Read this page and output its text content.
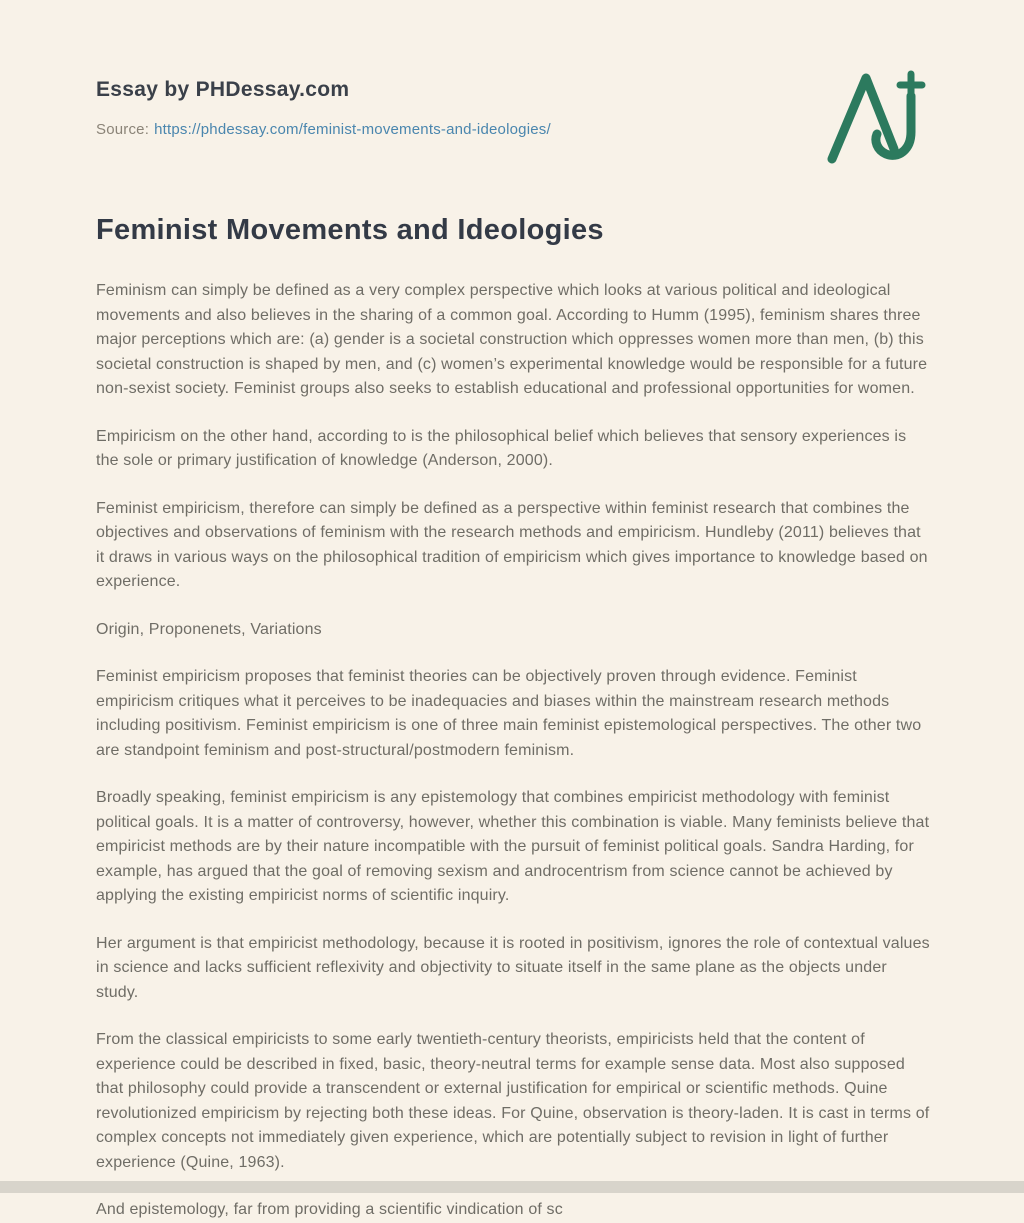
Essay by PHDessay.com
Source: https://phdessay.com/feminist-movements-and-ideologies/
Feminist Movements and Ideologies

Feminism can simply be defined as a very complex perspective which looks at various political and ideological movements and also believes in the sharing of a common goal. According to Humm (1995), feminism shares three major perceptions which are: (a) gender is a societal construction which oppresses women more than men, (b) this societal construction is shaped by men, and (c) women’s experimental knowledge would be responsible for a future non-sexist society. Feminist groups also seeks to establish educational and professional opportunities for women.

Empiricism on the other hand, according to is the philosophical belief which believes that sensory experiences is the sole or primary justification of knowledge (Anderson, 2000).

Feminist empiricism, therefore can simply be defined as a perspective within feminist research that combines the objectives and observations of feminism with the research methods and empiricism. Hundleby (2011) believes that it draws in various ways on the philosophical tradition of empiricism which gives importance to knowledge based on experience.

Origin, Proponenets, Variations

Feminist empiricism proposes that feminist theories can be objectively proven through evidence. Feminist empiricism critiques what it perceives to be inadequacies and biases within the mainstream research methods including positivism. Feminist empiricism is one of three main feminist epistemological perspectives. The other two are standpoint feminism and post-structural/postmodern feminism.

Broadly speaking, feminist empiricism is any epistemology that combines empiricist methodology with feminist political goals. It is a matter of controversy, however, whether this combination is viable. Many feminists believe that empiricist methods are by their nature incompatible with the pursuit of feminist political goals. Sandra Harding, for example, has argued that the goal of removing sexism and androcentrism from science cannot be achieved by applying the existing empiricist norms of scientific inquiry.

Her argument is that empiricist methodology, because it is rooted in positivism, ignores the role of contextual values in science and lacks sufficient reflexivity and objectivity to situate itself in the same plane as the objects under study.

From the classical empiricists to some early twentieth-century theorists, empiricists held that the content of experience could be described in fixed, basic, theory-neutral terms for example sense data. Most also supposed that philosophy could provide a transcendent or external justification for empirical or scientific methods. Quine revolutionized empiricism by rejecting both these ideas. For Quine, observation is theory-laden. It is cast in terms of complex concepts not immediately given experience, which are potentially subject to revision in light of further experience (Quine, 1963).

And epistemology, far from providing a scientific vindication of sc
